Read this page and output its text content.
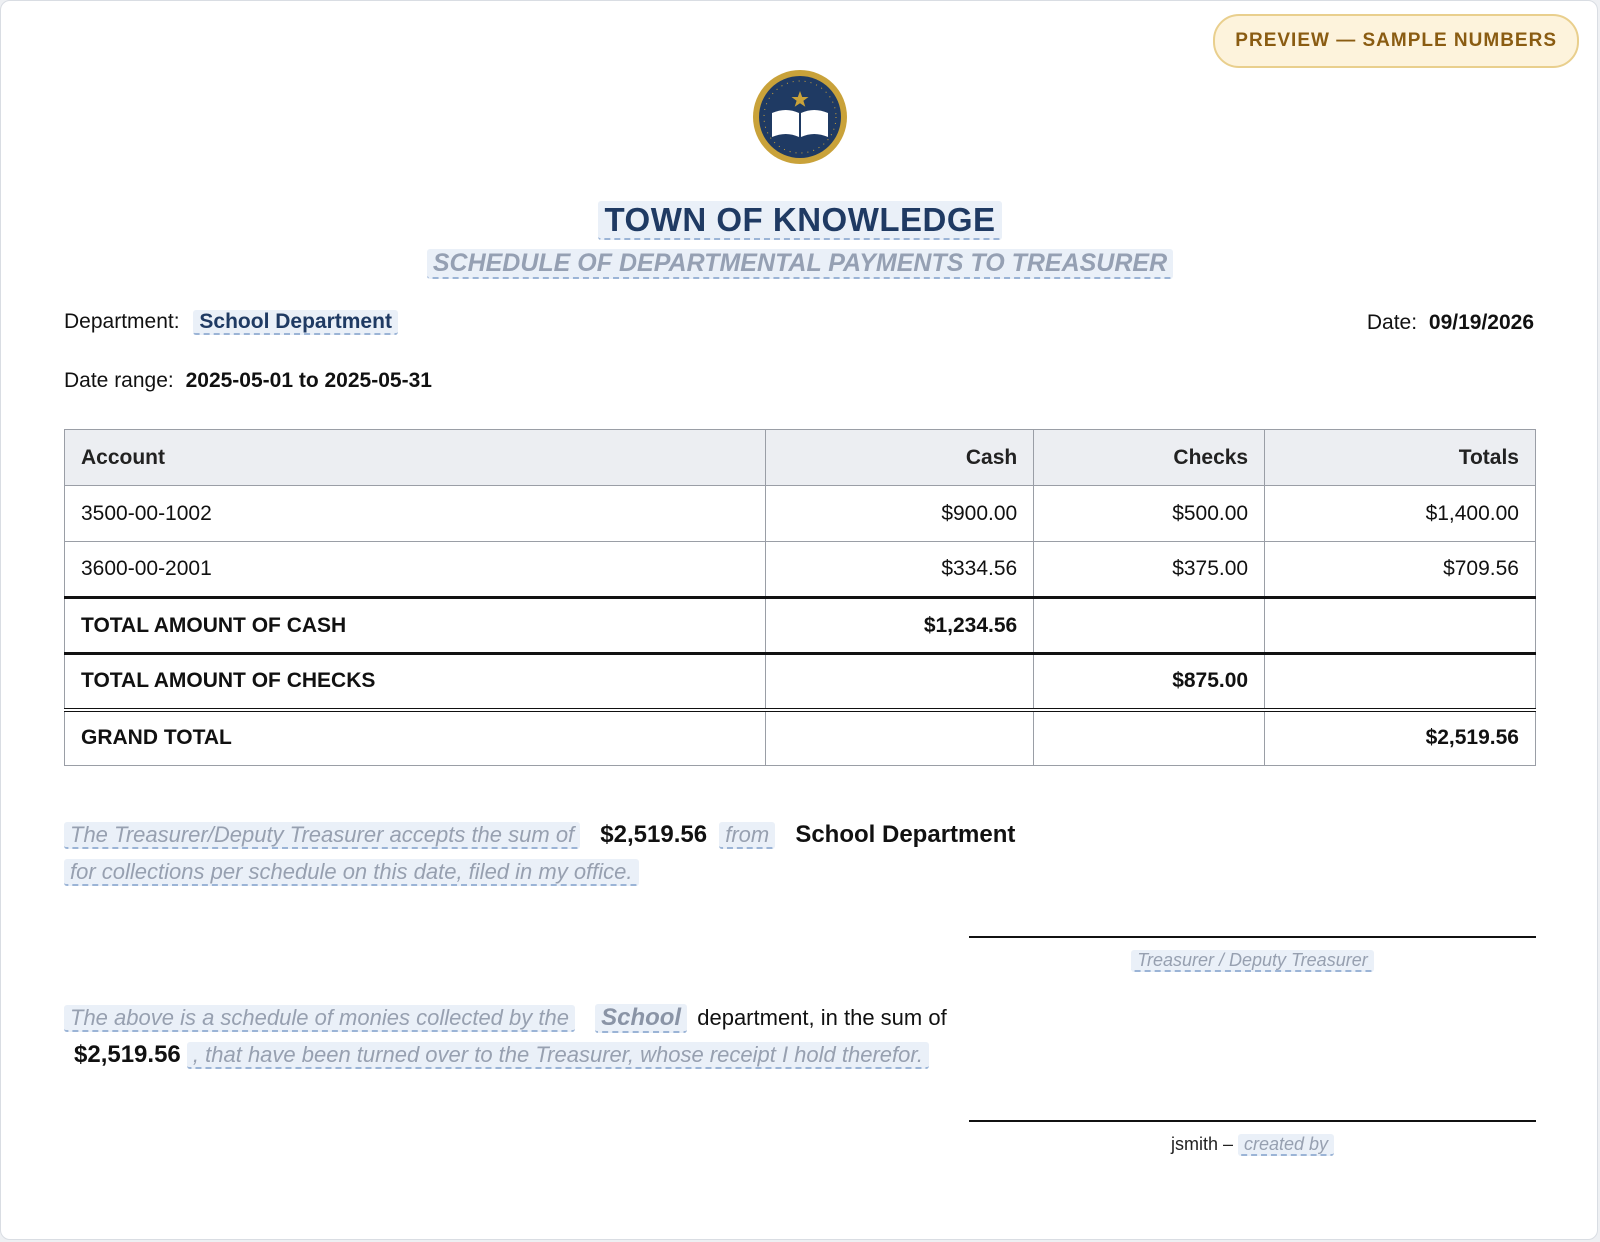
PREVIEW — SAMPLE NUMBERS
TOWN OF KNOWLEDGE
SCHEDULE OF DEPARTMENTAL PAYMENTS TO TREASURER
Department: School Department	Date: 09/19/2026
Date range: 2025-05-01 to 2025-05-31
Account	Cash	Checks	Totals
3500-00-1002	$900.00	$500.00	$1,400.00
3600-00-2001	$334.56	$375.00	$709.56
TOTAL AMOUNT OF CASH	$1,234.56		
TOTAL AMOUNT OF CHECKS		$875.00	
GRAND TOTAL			$2,519.56
The Treasurer/Deputy Treasurer accepts the sum of $2,519.56 from School Department
for collections per schedule on this date, filed in my office.
Treasurer / Deputy Treasurer
The above is a schedule of monies collected by the School department, in the sum of
$2,519.56 , that have been turned over to the Treasurer, whose receipt I hold therefor.
jsmith – created by
